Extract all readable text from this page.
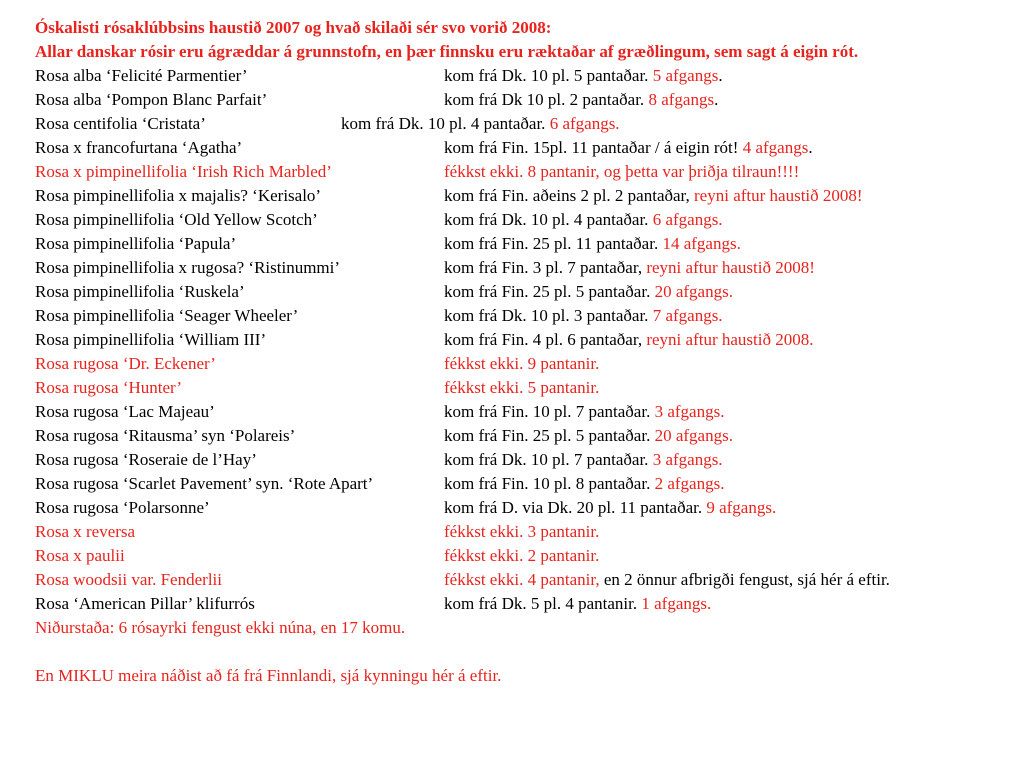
Óskalisti rósaklúbbsins haustið 2007 og hvað skilaði sér svo vorið 2008:
Allar danskar rósir eru ágræddar á grunnstofn, en þær finnsku eru ræktaðar af græðlingum, sem sagt á eigin rót.
Rosa alba ‘Felicité Parmentier’	kom frá Dk. 10 pl. 5 pantaðar. 5 afgangs.
Rosa alba ‘Pompon Blanc Parfait’	kom frá Dk 10 pl. 2 pantaðar. 8 afgangs.
Rosa centifolia ‘Cristata’	kom frá Dk. 10 pl. 4 pantaðar. 6 afgangs.
Rosa x francofurtana ‘Agatha’	kom frá Fin. 15pl. 11 pantaðar / á eigin rót! 4 afgangs.
Rosa x pimpinellifolia ‘Irish Rich Marbled’	fékkst ekki. 8 pantanir, og þetta var þriðja tilraun!!!!
Rosa pimpinellifolia x majalis? ‘Kerisalo’	kom frá Fin. aðeins 2 pl. 2 pantaðar, reyni aftur haustið 2008!
Rosa pimpinellifolia ‘Old Yellow Scotch’	kom frá Dk. 10 pl. 4 pantaðar. 6 afgangs.
Rosa pimpinellifolia ‘Papula’	kom frá Fin. 25 pl. 11 pantaðar. 14 afgangs.
Rosa pimpinellifolia x rugosa? ‘Ristinummi’	kom frá Fin. 3 pl. 7 pantaðar, reyni aftur haustið 2008!
Rosa pimpinellifolia ‘Ruskela’	kom frá Fin. 25 pl. 5 pantaðar. 20 afgangs.
Rosa pimpinellifolia ‘Seager Wheeler’	kom frá Dk. 10 pl. 3 pantaðar. 7 afgangs.
Rosa pimpinellifolia ‘William III’	kom frá Fin. 4 pl. 6 pantaðar, reyni aftur haustið 2008.
Rosa rugosa ‘Dr. Eckener’	fékkst ekki. 9 pantanir.
Rosa rugosa ‘Hunter’	fékkst ekki. 5 pantanir.
Rosa rugosa ‘Lac Majeau’	kom frá Fin. 10 pl. 7 pantaðar. 3 afgangs.
Rosa rugosa ‘Ritausma’ syn ‘Polareis’	kom frá Fin. 25 pl. 5 pantaðar. 20 afgangs.
Rosa rugosa ‘Roseraie de l’Hay’	kom frá Dk. 10 pl. 7 pantaðar. 3 afgangs.
Rosa rugosa ‘Scarlet Pavement’ syn. ‘Rote Apart’	kom frá Fin. 10 pl. 8 pantaðar. 2 afgangs.
Rosa rugosa ‘Polarsonne’	kom frá D. via Dk. 20 pl. 11 pantaðar. 9 afgangs.
Rosa x reversa	fékkst ekki. 3 pantanir.
Rosa x paulii	fékkst ekki. 2 pantanir.
Rosa woodsii var. Fenderlii	fékkst ekki. 4 pantanir, en 2 önnur afbrigði fengust, sjá hér á eftir.
Rosa ‘American Pillar’ klifurrós	kom frá Dk. 5 pl. 4 pantanir. 1 afgangs.
Niðurstaða: 6 rósayrki fengust ekki núna, en 17 komu.
En MIKLU meira náðist að fá frá Finnlandi, sjá kynningu hér á eftir.
